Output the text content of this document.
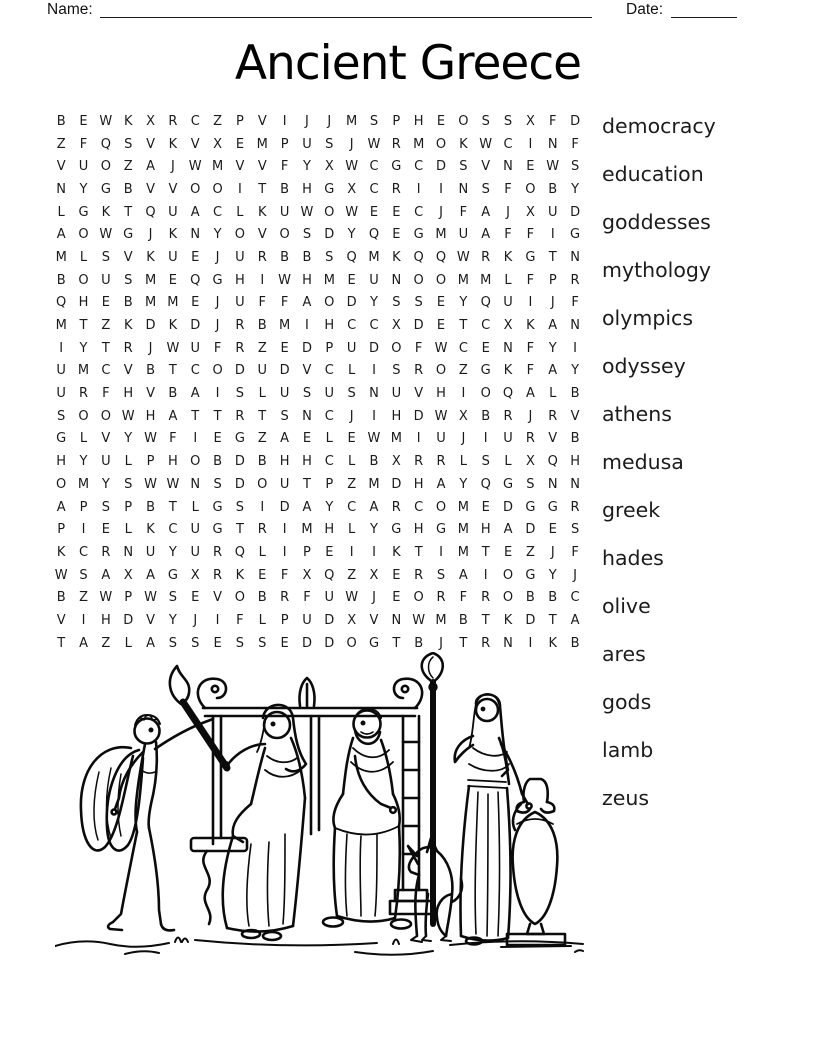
Name:	Date:
Ancient Greece
B	E W K	X	R	C	Z	P	V	I	J	J	M S	P	H	E	O	S	S	X	F	D
Z	F	Q	S	V	K	V	X	E M P	U	S	J	W R M O K W C	I	N	F
V	U O Z	A	J	W M V	V	F	Y	X W C G C D	S	V	N	E W S
N	Y	G B	V	V O O	I	T	B	H G X	C	R	I	I	N	S	F	O B	Y
L	G	K	T	Q U	A	C	L	K	U W O W E	E	C	J	F	A	J	X	U D
A O W G	J	K	N	Y	O V O	S	D	Y	Q	E	G M U	A	F	F	I	G
M	L	S	V	K	U	E	J	U	R	B	B	S	Q M K Q Q W R	K	G	T	N
B O U	S M E	Q G H	I	W H M E	U N O O M M	L	F	P	R
Q H	E	B M M E	J	U	F	F	A O D	Y	S	S	E	Y	Q U	I	J	F
M T	Z	K	D	K	D	J	R	B M	I	H C	C	X D	E	T	C	X	K	A	N
I	Y	T	R	J	W U	F	R	Z	E	D	P	U D O	F W C	E	N	F	Y	I
U M C	V	B	T	C O D U D V	C	L	I	S	R O Z G	K	F	A	Y
U	R	F	H	V	B	A	I	S	L	U	S	U	S	N U	V	H	I	O Q A	L	B
S	O O W H	A	T	T	R	T	S	N C	J	I	H D W X	B	R	J	R	V
G	L	V	Y W F	I	E	G Z	A	E	L	E W M	I	U	J	I	U	R	V	B
H	Y	U	L	P	H O B D B	H H C	L	B	X	R	R	L	S	L	X Q H
O M Y	S W W N	S	D O U	T	P	Z M D H	A	Y	Q G	S	N N
A	P	S	P	B	T	L	G	S	I	D A	Y	C	A	R	C O M E	D G G R
P	I	E	L	K	C	U G	T	R	I	M H	L	Y	G H G M H	A D	E	S
K	C	R N U	Y	U	R Q	L	I	P	E	I	I	K	T	I	M T	E	Z	J	F
W S	A	X	A G X	R	K	E	F	X Q Z	X	E	R	S	A	I	O G	Y	J
B	Z W P W S	E	V O B	R	F	U W	J	E	O R	F	R O B	B	C
V	I	H D V	Y	J	I	F	L	P	U D X	V	N W M B	T	K	D	T	A
T	A	Z	L	A	S	S	E	S	S	E	D D O G	T	B	J	T	R N	I	K	B
democracy
education
goddesses
mythology
olympics
odyssey
athens
medusa
greek
hades
olive
ares
gods
lamb
zeus
